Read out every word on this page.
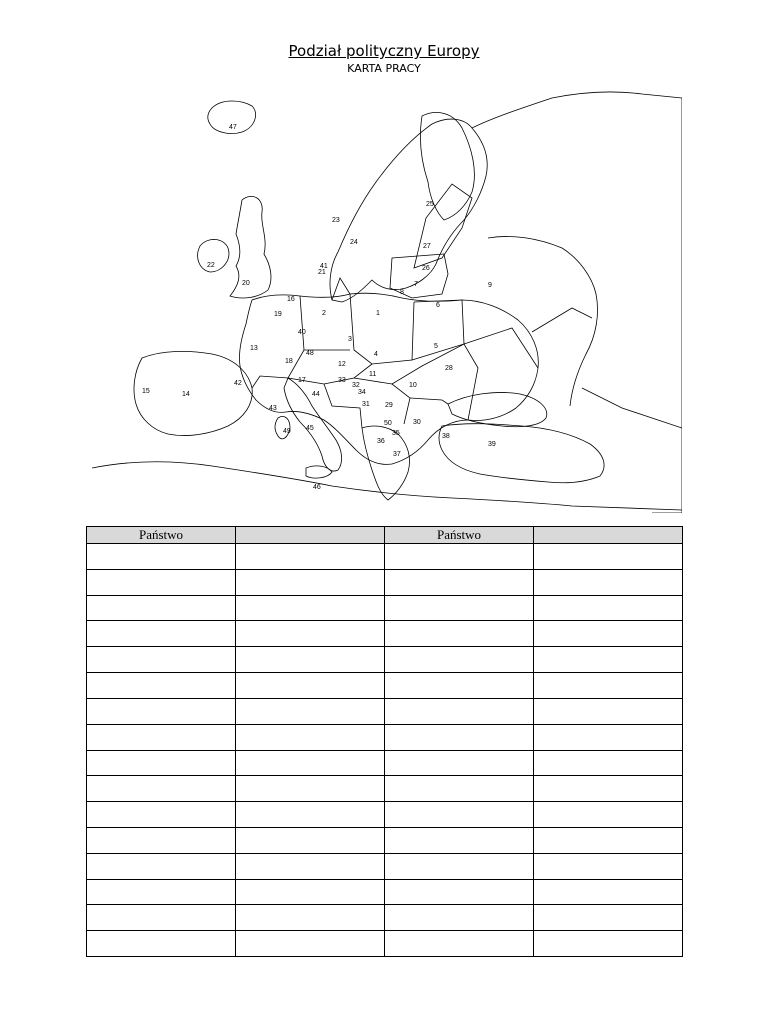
Podział polityczny Europy
KARTA PRACY
1
2
3
4
5
6
7
8
9
10
11
12
13
14
15
16
17
18
19
20
21
22
23
24
25
26
27
28
29
30
31
32
33
34
35
36
37
38
39
40
41
42
43
44
45
46
47
48
49
50
Państwo		Państwo	
